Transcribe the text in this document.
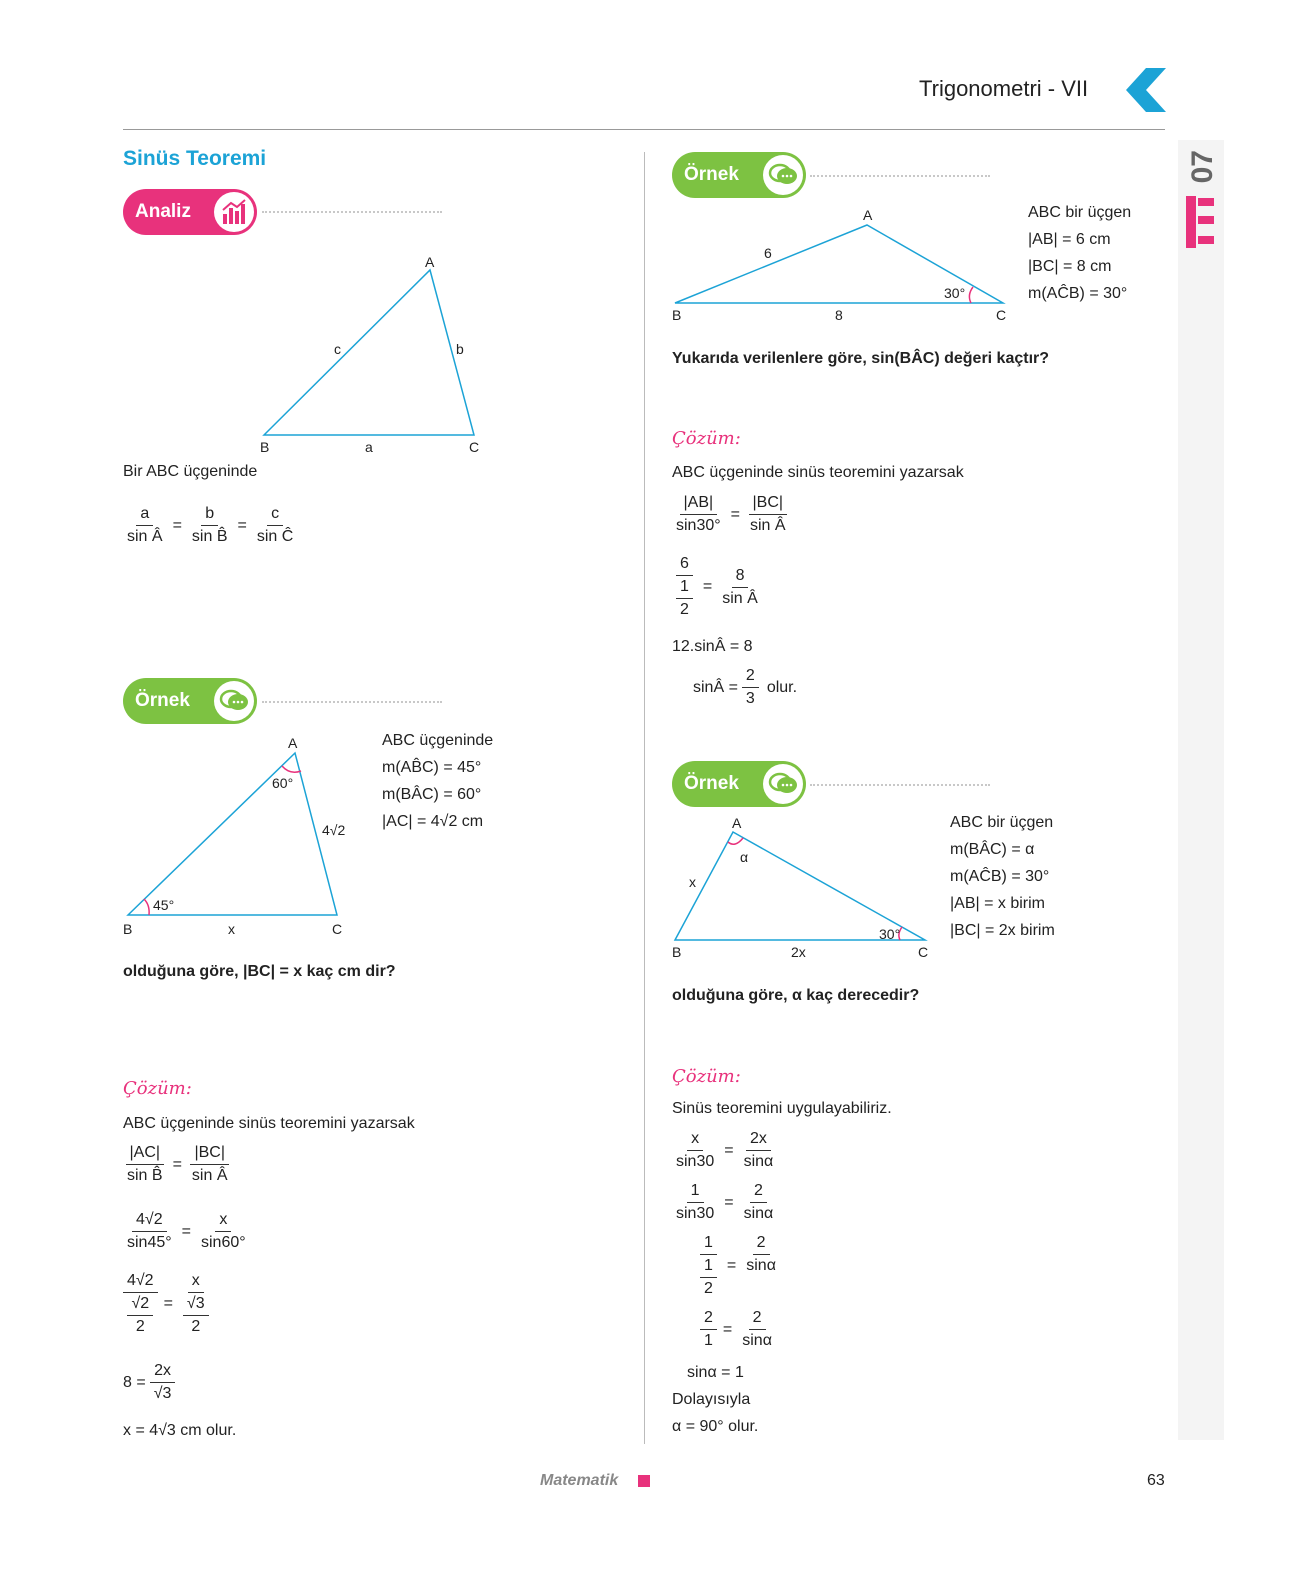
Trigonometri - VII
07
Sinüs Teoremi
Analiz
A
B	C
a
b
c
Bir ABC üçgeninde
$\frac{a}{\text{sin Â}} = \frac{b}{\text{sin B̂}} = \frac{c}{\text{sin Ĉ}}$
Örnek
A
B	C
60°
45°
4√2
x
ABC üçgeninde
m(AB̂C) = 45°
m(BÂC) = 60°
|AC| = 4√2 cm
olduğuna göre, |BC| = x kaç cm dir?
Çözüm:
ABC üçgeninde sinüs teoremini yazarsak
$\frac{|AC|}{\text{sin B̂}} = \frac{|BC|}{\text{sin Â}}$
$\frac{4√2}{\sin 45^\circ} = \frac{x}{\sin 60^\circ}$
$\frac{4√2}{\frac{√2}{2}} = \frac{x}{\frac{√3}{2}}$
$8 = \frac{2x}{√3}$
x = 4√3 cm olur.
Örnek
A
B	C
6
8
30°
ABC bir üçgen
|AB| = 6 cm
|BC| = 8 cm
m(AĈB) = 30°
Yukarıda verilenlere göre, sin(BÂC) değeri kaçtır?
Çözüm:
ABC üçgeninde sinüs teoremini yazarsak
$\frac{|AB|}{\sin 30^\circ} = \frac{|BC|}{\text{sin Â}}$
$\frac{6}{\frac{1}{2}} = \frac{8}{\text{sin Â}}$
12.sinÂ = 8
sinÂ = $\frac{2}{3}$ olur.
Örnek
A
B	C
x
2x
α
30°
ABC bir üçgen
m(BÂC) = α
m(AĈB) = 30°
|AB| = x birim
|BC| = 2x birim
olduğuna göre, α kaç derecedir?
Çözüm:
Sinüs teoremini uygulayabiliriz.
$\frac{x}{\sin 30} = \frac{2x}{\sin\alpha}$
$\frac{1}{\sin 30} = \frac{2}{\sin\alpha}$
$\frac{1}{\frac{1}{2}} = \frac{2}{\sin\alpha}$
$\frac{2}{1} = \frac{2}{\sin\alpha}$
sinα = 1
Dolayısıyla
α = 90° olur.
Matematik	63
